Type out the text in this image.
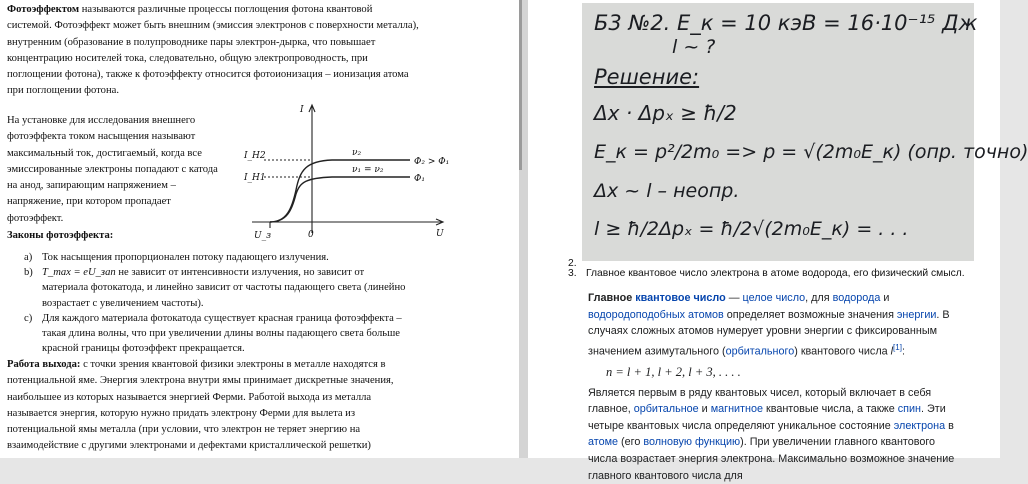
Фотоэффектом называются различные процессы поглощения фотона квантовой системой. Фотоэффект может быть внешним (эмиссия электронов с поверхности металла), внутренним (образование в полупроводнике пары электрон-дырка, что повышает концентрацию носителей тока, следовательно, общую электропроводность, при поглощении фотона), также к фотоэффекту относится фотоионизация – ионизация атома при поглощении фотона.

На установке для исследования внешнего фотоэффекта током насыщения называют максимальный ток, достигаемый, когда все эмиссированные электроны попадают с катода на анод, запирающим напряжением – напряжение, при котором пропадает фотоэффект.

Законы фотоэффекта:

a) Ток насыщения пропорционален потоку падающего излучения.
b) T_max = eU_зап не зависит от интенсивности излучения, но зависит от материала фотокатода, и линейно зависит от частоты падающего света (линейно возрастает с увеличением частоты).
c) Для каждого материала фотокатода существует красная граница фотоэффекта – такая длина волны, что при увеличении длины волны падающего света больше красной границы фотоэффект прекращается.

Работа выхода: с точки зрения квантовой физики электроны в металле находятся в потенциальной яме. Энергия электрона внутри ямы принимает дискретные значения, наибольшее из которых называется энергией Ферми. Работой выхода из металла называется энергия, которую нужно придать электрону Ферми для вылета из потенциальной ямы металла (при условии, что электрон не теряет энергию на взаимодействие с другими электронами и дефектами кристаллической решетки)

I
U
I_H2
I_H1
U_з	0
ν₂
ν₁ = ν₂
Φ₂ > Φ₁
Φ₁
Б3 №2. E_к = 10 кэВ = 16·10⁻¹⁵ Дж
l ~ ?
Решение:
Δx · Δpₓ ≥ ħ/2
E_к = p²/2m₀ => p = √(2m₀E_к) (опр. точно)
Δx ~ l – неопр.
l ≥ ħ/2Δpₓ = ħ/2√(2m₀E_к) = . . .
2.
3. Главное квантовое число электрона в атоме водорода, его физический смысл.

Главное квантовое число — целое число, для водорода и водородоподобных атомов определяет возможные значения энергии. В случаях сложных атомов нумерует уровни энергии с фиксированным значением азимутального (орбитального) квантового числа l[1]:

n = l + 1, l + 2, l + 3, . . . .

Является первым в ряду квантовых чисел, который включает в себя главное, орбитальное и магнитное квантовые числа, а также спин. Эти четыре квантовых числа определяют уникальное состояние электрона в атоме (его волновую функцию). При увеличении главного квантового числа возрастает энергия электрона. Максимально возможное значение главного квантового числа для
